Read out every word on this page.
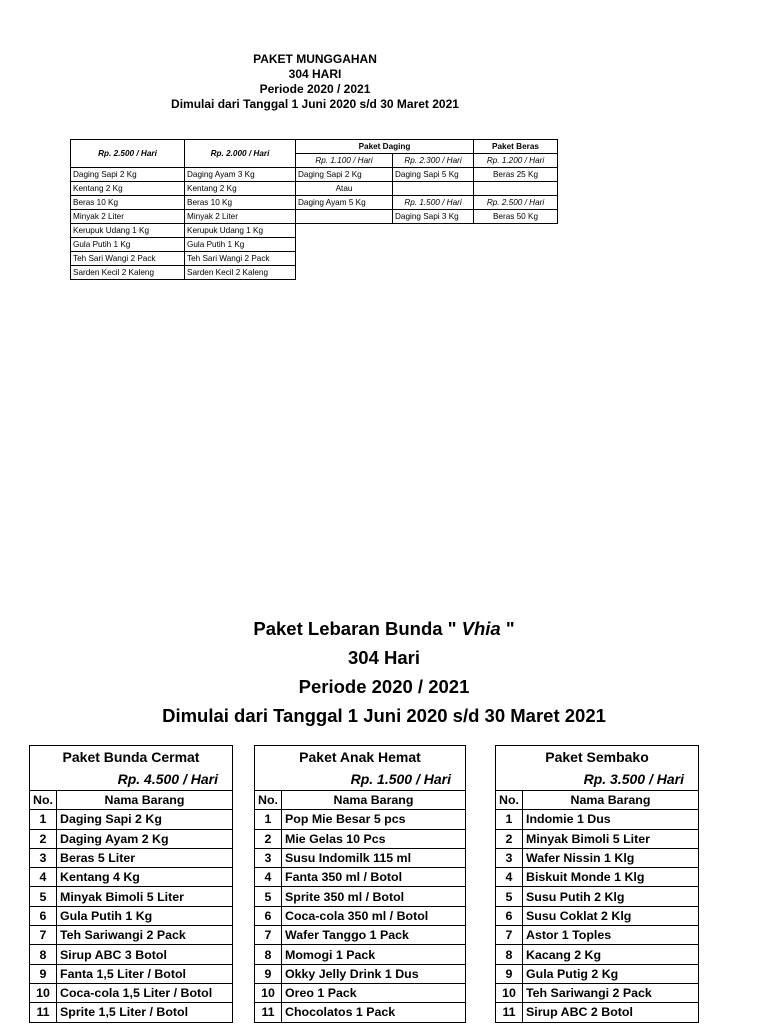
PAKET MUNGGAHAN
304 HARI
Periode 2020 / 2021
Dimulai dari Tanggal 1 Juni 2020 s/d 30 Maret 2021
Rp. 2.500 / Hari	Rp. 2.000 / Hari	Paket Daging		Paket Beras
		Rp. 1.100 / Hari	Rp. 2.300 / Hari	Rp. 1.200 / Hari
Daging Sapi 2 Kg	Daging Ayam 3 Kg	Daging Sapi 2 Kg	Daging Sapi 5 Kg	Beras 25 Kg
Kentang 2 Kg	Kentang 2 Kg	Atau		
Beras 10 Kg	Beras 10 Kg	Daging Ayam 5 Kg	Rp. 1.500 / Hari	Rp. 2.500 / Hari
Minyak 2 Liter	Minyak 2 Liter		Daging Sapi 3 Kg	Beras 50 Kg
Kerupuk Udang 1 Kg	Kerupuk Udang 1 Kg			
Gula Putih 1 Kg	Gula Putih 1 Kg			
Teh Sari Wangi 2 Pack	Teh Sari Wangi 2 Pack			
Sarden Kecil 2 Kaleng	Sarden Kecil 2 Kaleng			
Paket Lebaran Bunda " Vhia "
304 Hari
Periode 2020 / 2021
Dimulai dari Tanggal 1 Juni 2020 s/d 30 Maret 2021
Paket Bunda Cermat			Paket Anak Hemat			Paket Sembako	
Rp. 4.500 / Hari			Rp. 1.500 / Hari			Rp. 3.500 / Hari	
No.	Nama Barang		No.	Nama Barang		No.	Nama Barang
1	Daging Sapi 2 Kg		1	Pop Mie Besar 5 pcs		1	Indomie 1 Dus
2	Daging Ayam 2 Kg		2	Mie Gelas 10 Pcs		2	Minyak Bimoli 5 Liter
3	Beras 5 Liter		3	Susu Indomilk 115 ml		3	Wafer Nissin 1 Klg
4	Kentang 4 Kg		4	Fanta 350 ml / Botol		4	Biskuit Monde 1 Klg
5	Minyak Bimoli 5 Liter		5	Sprite 350 ml / Botol		5	Susu Putih 2 Klg
6	Gula Putih 1 Kg		6	Coca-cola 350 ml / Botol		6	Susu Coklat 2 Klg
7	Teh Sariwangi 2 Pack		7	Wafer Tanggo 1 Pack		7	Astor 1 Toples
8	Sirup ABC 3 Botol		8	Momogi 1 Pack		8	Kacang 2 Kg
9	Fanta 1,5 Liter / Botol		9	Okky Jelly Drink 1 Dus		9	Gula Putig 2 Kg
10	Coca-cola 1,5 Liter / Botol		10	Oreo 1 Pack		10	Teh Sariwangi 2 Pack
11	Sprite 1,5 Liter / Botol		11	Chocolatos 1 Pack		11	Sirup ABC 2 Botol
